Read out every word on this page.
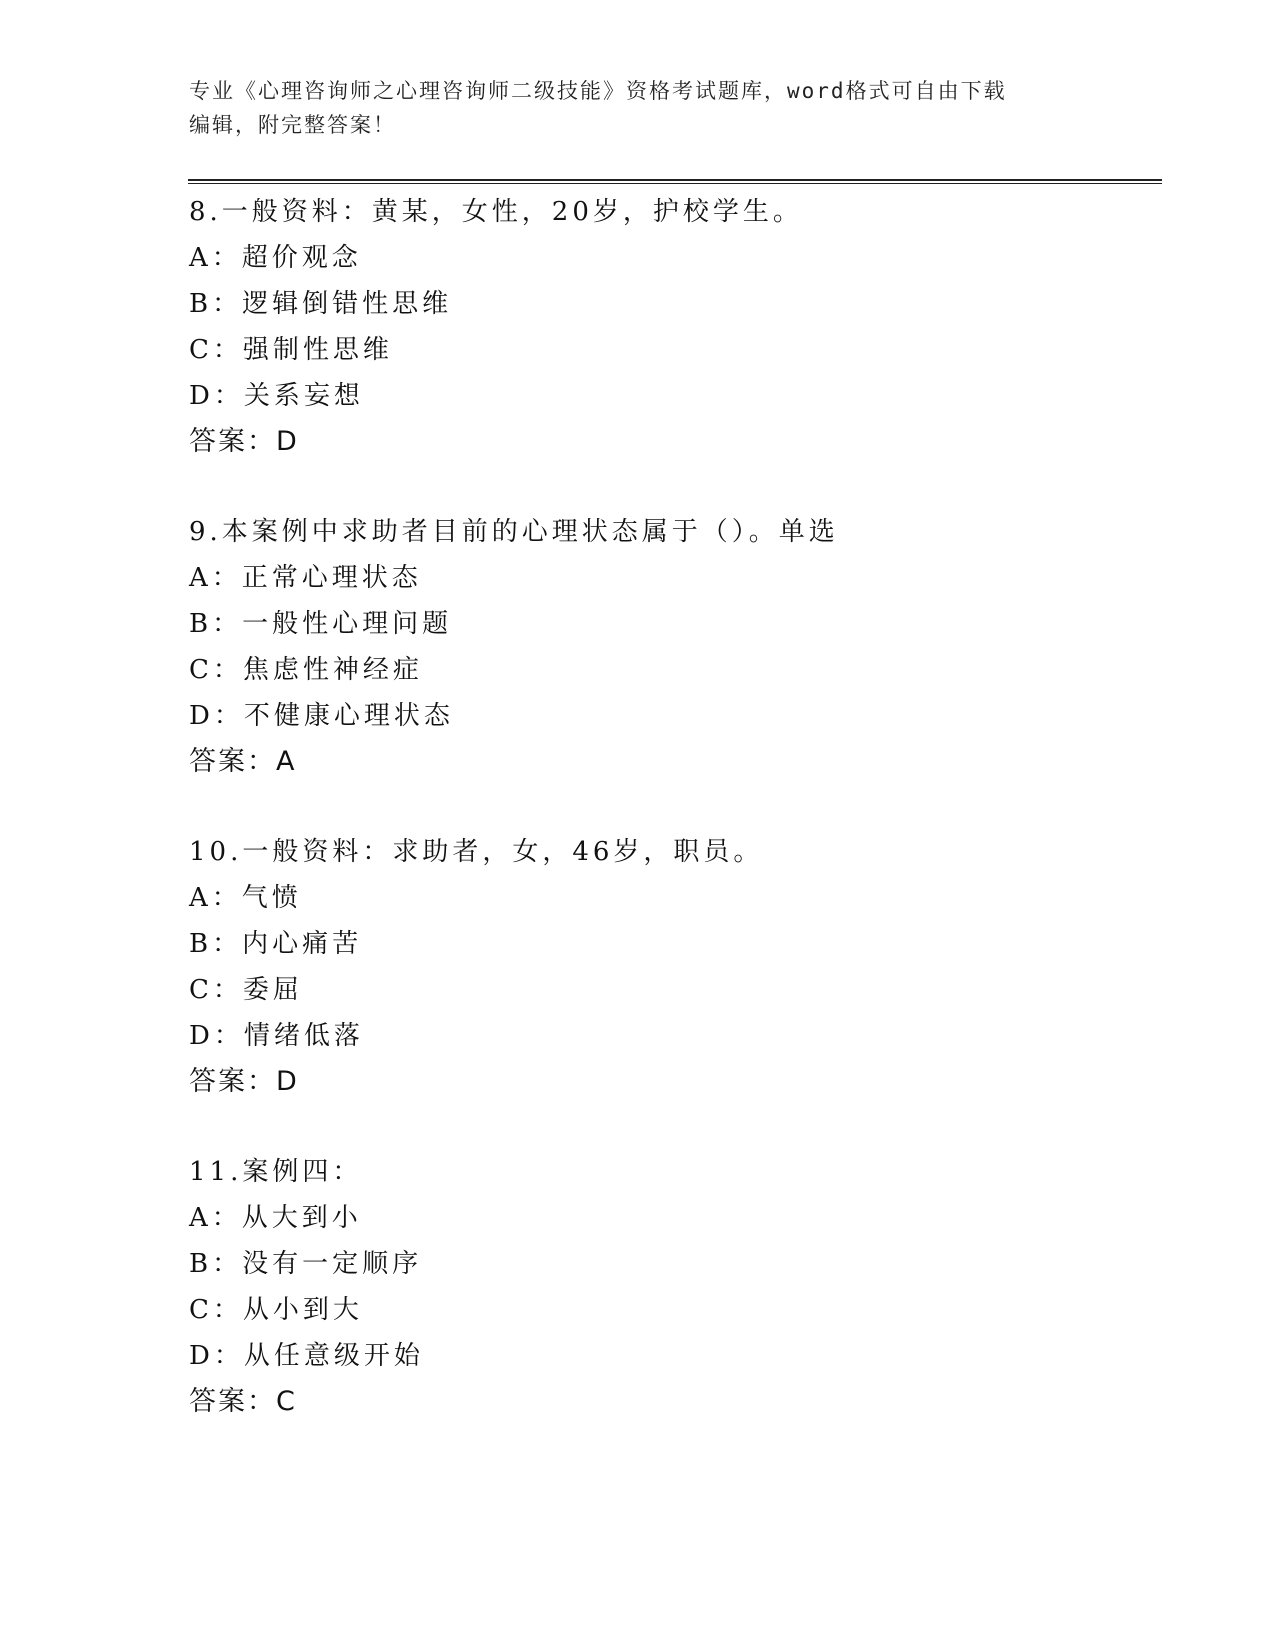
专业《心理咨询师之心理咨询师二级技能》资格考试题库，word格式可自由下载
编辑，附完整答案！
8.一般资料：黄某，女性，20岁，护校学生。
A：超价观念
B：逻辑倒错性思维
C：强制性思维
D：关系妄想
答案：D
9.本案例中求助者目前的心理状态属于（）。单选
A：正常心理状态
B：一般性心理问题
C：焦虑性神经症
D：不健康心理状态
答案：A
10.一般资料：求助者，女，46岁，职员。
A：气愤
B：内心痛苦
C：委屈
D：情绪低落
答案：D
11.案例四：
A：从大到小
B：没有一定顺序
C：从小到大
D：从任意级开始
答案：C
